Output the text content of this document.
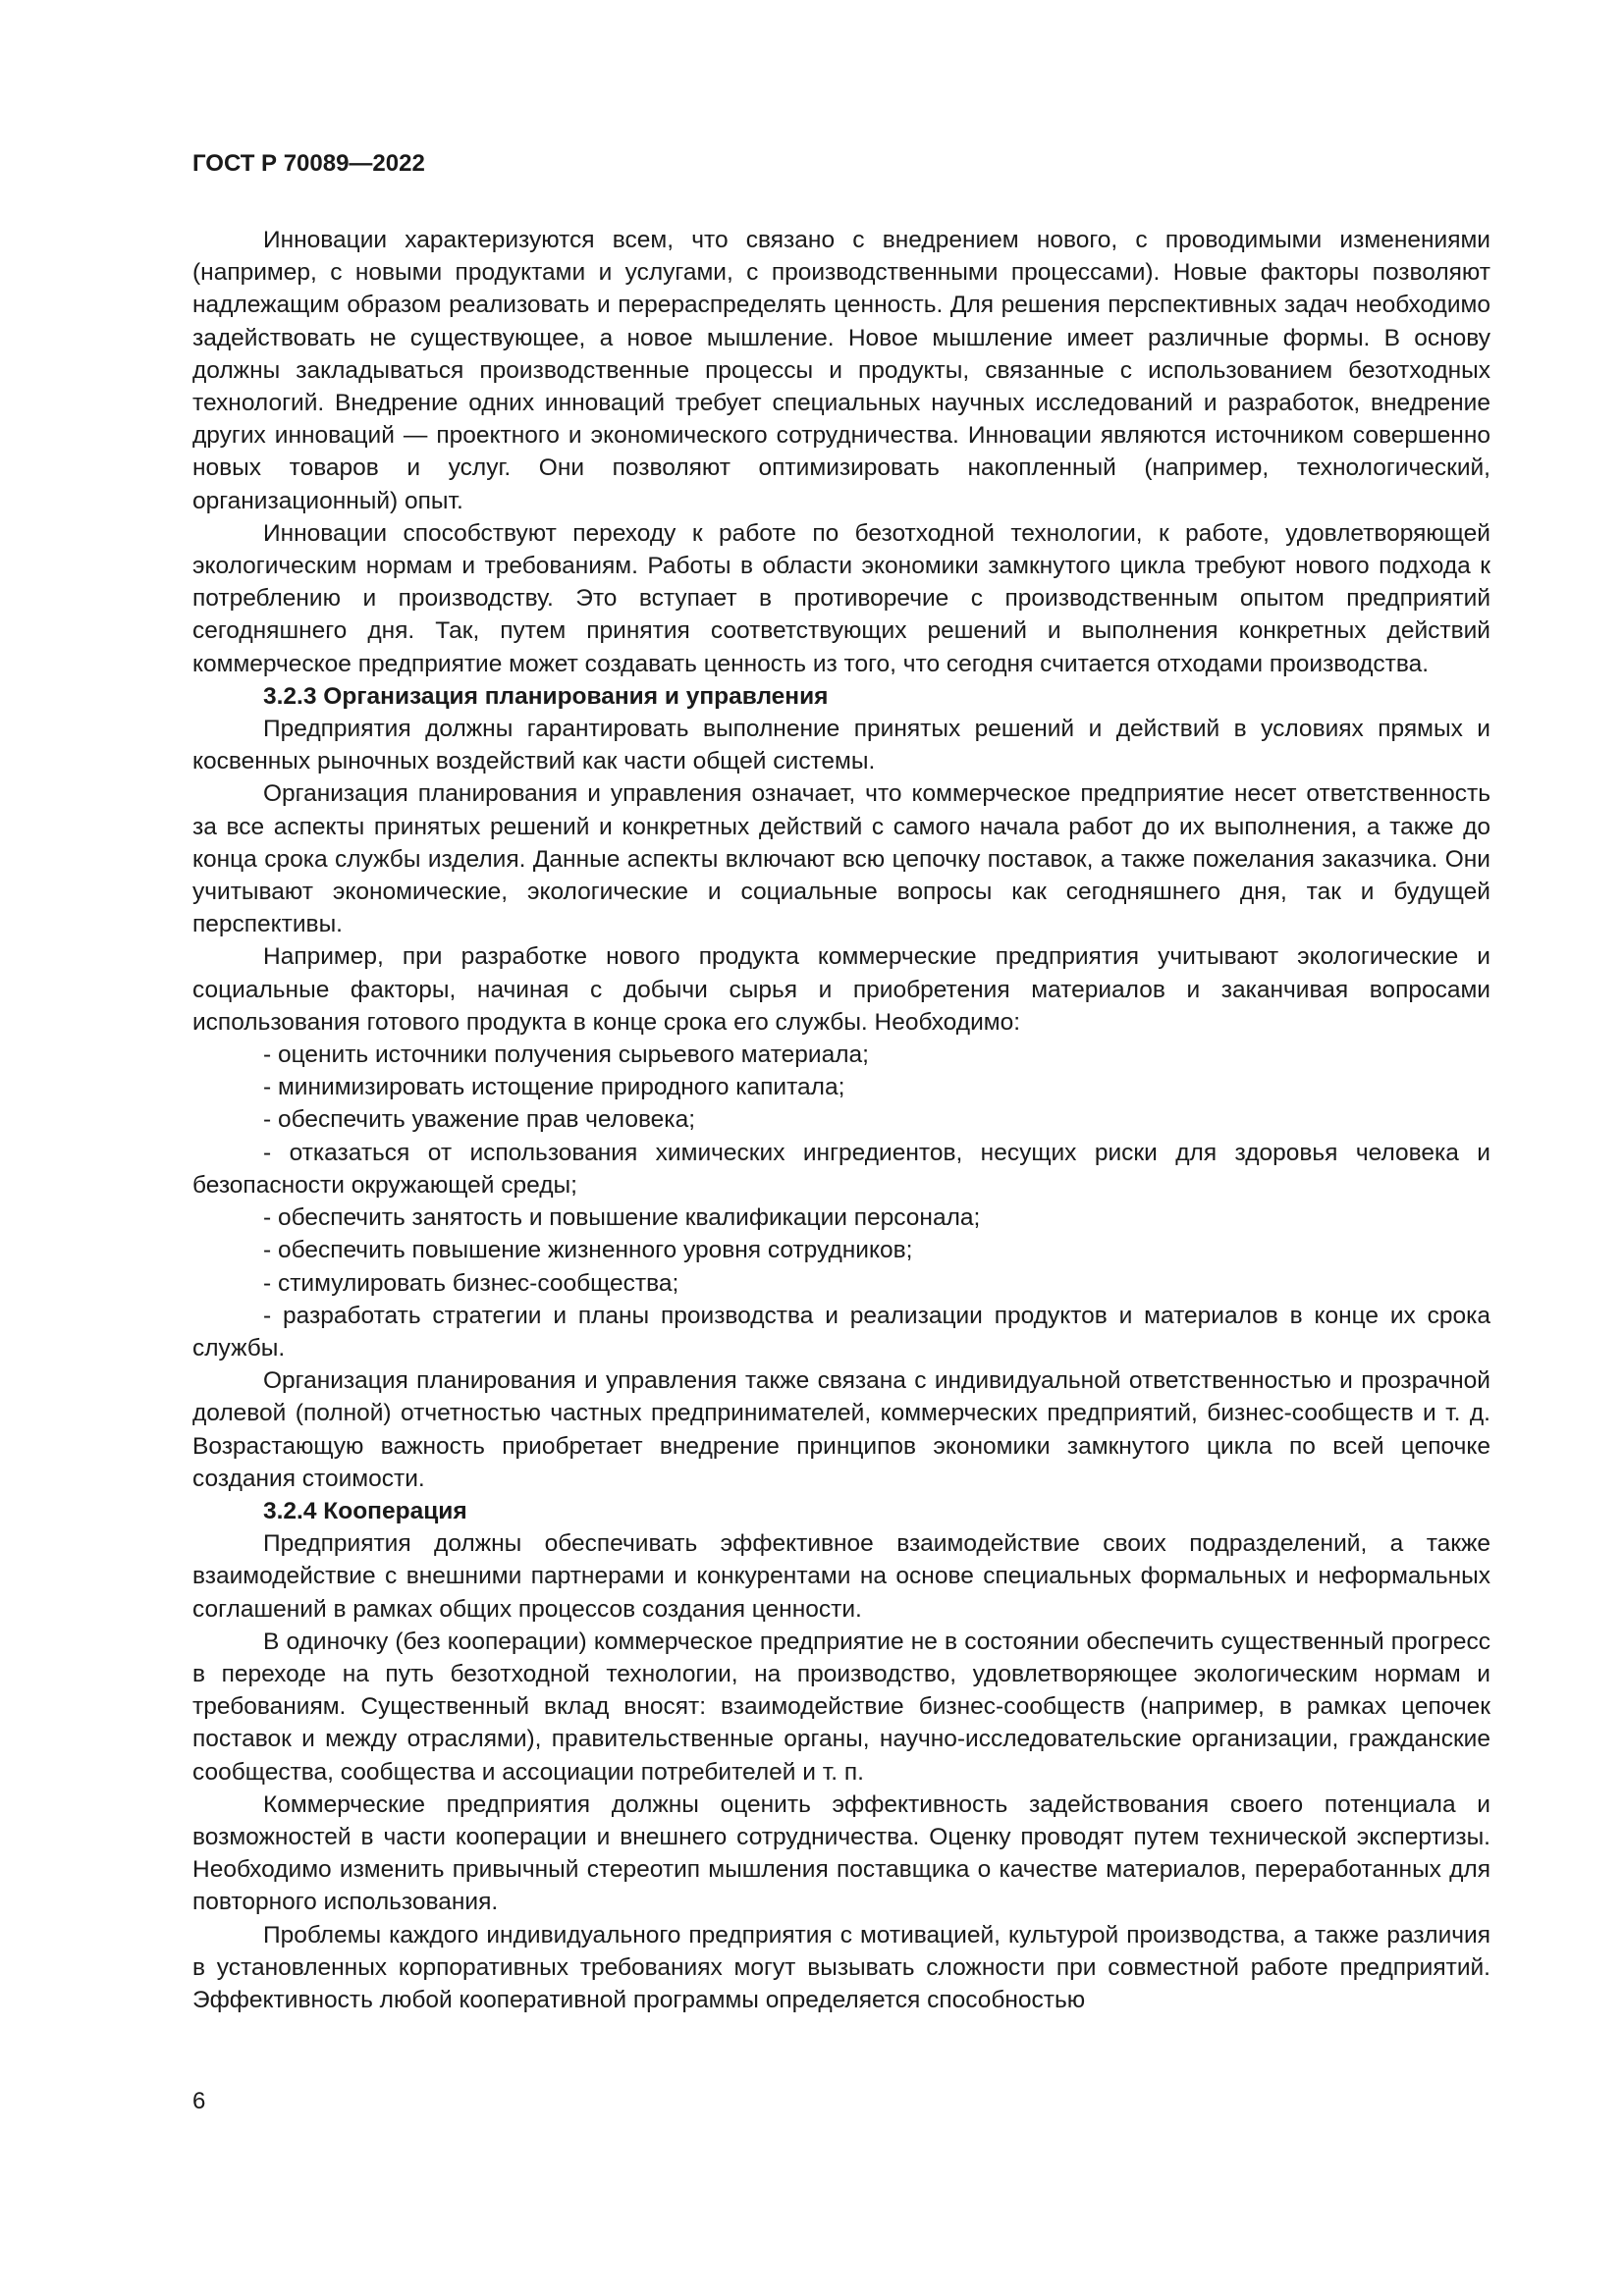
ГОСТ Р 70089—2022

Инновации характеризуются всем, что связано с внедрением нового, с проводимыми изменениями (например, с новыми продуктами и услугами, с производственными процессами). Новые факторы позволяют надлежащим образом реализовать и перераспределять ценность. Для решения перспективных задач необходимо задействовать не существующее, а новое мышление. Новое мышление имеет различные формы. В основу должны закладываться производственные процессы и продукты, связанные с использованием безотходных технологий. Внедрение одних инноваций требует специальных научных исследований и разработок, внедрение других инноваций — проектного и экономического сотрудничества. Инновации являются источником совершенно новых товаров и услуг. Они позволяют оптимизировать накопленный (например, технологический, организационный) опыт.

Инновации способствуют переходу к работе по безотходной технологии, к работе, удовлетворяющей экологическим нормам и требованиям. Работы в области экономики замкнутого цикла требуют нового подхода к потреблению и производству. Это вступает в противоречие с производственным опытом предприятий сегодняшнего дня. Так, путем принятия соответствующих решений и выполнения конкретных действий коммерческое предприятие может создавать ценность из того, что сегодня считается отходами производства.

3.2.3 Организация планирования и управления

Предприятия должны гарантировать выполнение принятых решений и действий в условиях прямых и косвенных рыночных воздействий как части общей системы.

Организация планирования и управления означает, что коммерческое предприятие несет ответственность за все аспекты принятых решений и конкретных действий с самого начала работ до их выполнения, а также до конца срока службы изделия. Данные аспекты включают всю цепочку поставок, а также пожелания заказчика. Они учитывают экономические, экологические и социальные вопросы как сегодняшнего дня, так и будущей перспективы.

Например, при разработке нового продукта коммерческие предприятия учитывают экологические и социальные факторы, начиная с добычи сырья и приобретения материалов и заканчивая вопросами использования готового продукта в конце срока его службы. Необходимо:

- оценить источники получения сырьевого материала;

- минимизировать истощение природного капитала;

- обеспечить уважение прав человека;

- отказаться от использования химических ингредиентов, несущих риски для здоровья человека и безопасности окружающей среды;

- обеспечить занятость и повышение квалификации персонала;

- обеспечить повышение жизненного уровня сотрудников;

- стимулировать бизнес-сообщества;

- разработать стратегии и планы производства и реализации продуктов и материалов в конце их срока службы.

Организация планирования и управления также связана с индивидуальной ответственностью и прозрачной долевой (полной) отчетностью частных предпринимателей, коммерческих предприятий, бизнес-сообществ и т. д. Возрастающую важность приобретает внедрение принципов экономики замкнутого цикла по всей цепочке создания стоимости.

3.2.4 Кооперация

Предприятия должны обеспечивать эффективное взаимодействие своих подразделений, а также взаимодействие с внешними партнерами и конкурентами на основе специальных формальных и неформальных соглашений в рамках общих процессов создания ценности.

В одиночку (без кооперации) коммерческое предприятие не в состоянии обеспечить существенный прогресс в переходе на путь безотходной технологии, на производство, удовлетворяющее экологическим нормам и требованиям. Существенный вклад вносят: взаимодействие бизнес-сообществ (например, в рамках цепочек поставок и между отраслями), правительственные органы, научно-исследовательские организации, гражданские сообщества, сообщества и ассоциации потребителей и т. п.

Коммерческие предприятия должны оценить эффективность задействования своего потенциала и возможностей в части кооперации и внешнего сотрудничества. Оценку проводят путем технической экспертизы. Необходимо изменить привычный стереотип мышления поставщика о качестве материалов, переработанных для повторного использования.

Проблемы каждого индивидуального предприятия с мотивацией, культурой производства, а также различия в установленных корпоративных требованиях могут вызывать сложности при совместной работе предприятий. Эффективность любой кооперативной программы определяется способностью

6
